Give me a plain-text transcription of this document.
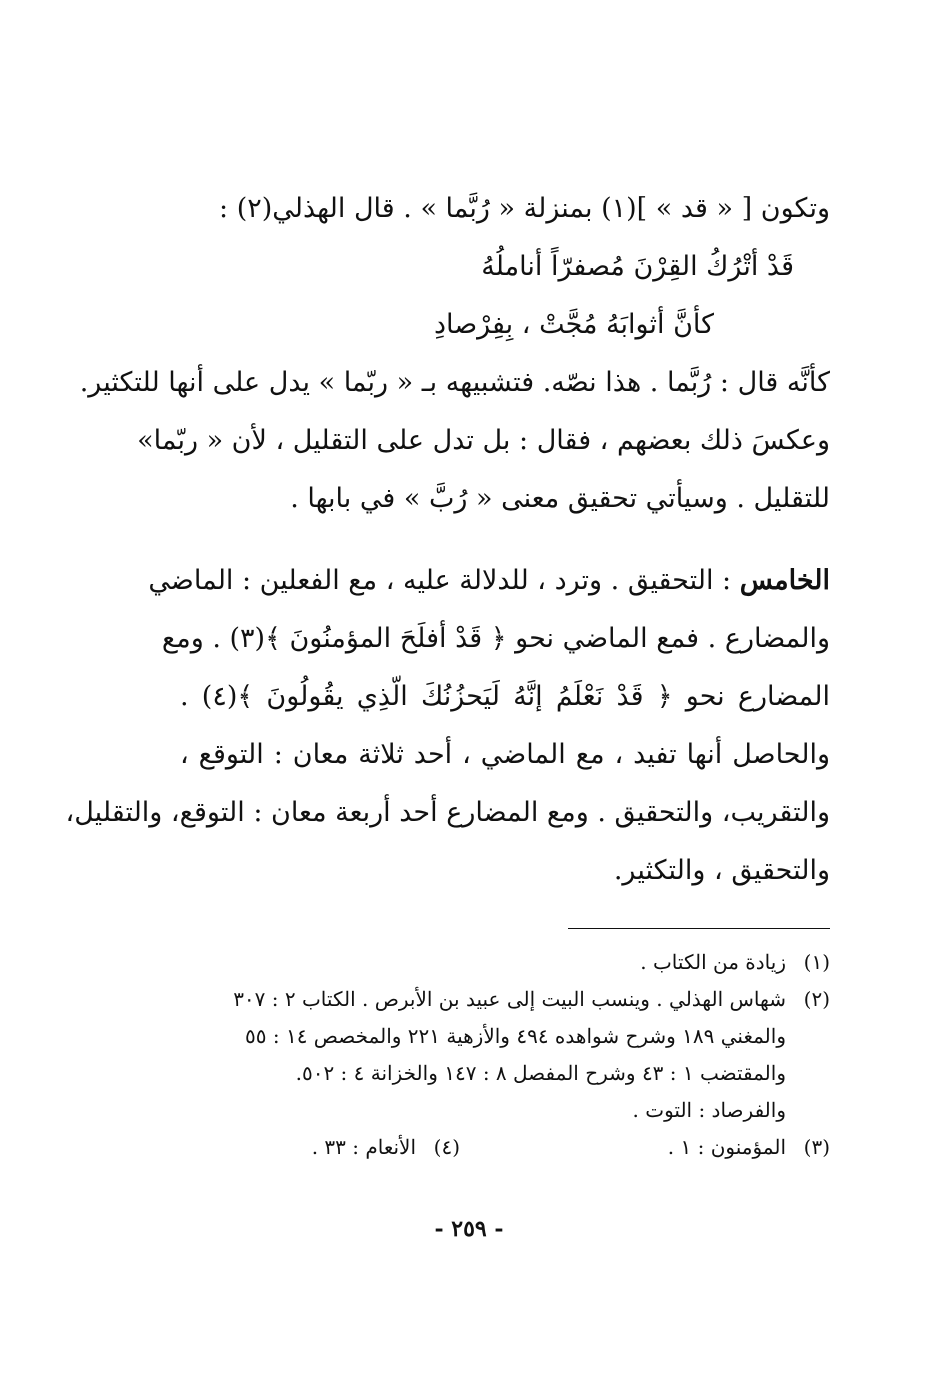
وتكون [ « قد » ](١) بمنزلة « رُبَّما » . قال الهذلي(٢) :
قَدْ أتْرُكُ القِرْنَ مُصفرّاً أناملُهُ
كأنَّ أثوابَهُ مُجَّتْ ، بِفِرْصادِ
كأنَّه قال : رُبَّما . هذا نصّه. فتشبيهه بـ « ربّما » يدل على أنها للتكثير.
وعكسَ ذلك بعضهم ، فقال : بل تدل على التقليل ، لأن « ربّما»
للتقليل . وسيأتي تحقيق معنى « رُبَّ » في بابها .
الخامس : التحقيق . وترد ، للدلالة عليه ، مع الفعلين : الماضي
والمضارع . فمع الماضي نحو ﴿ قَدْ أفلَحَ المؤمنُونَ ﴾(٣) . ومع
المضارع نحو ﴿ قَدْ نَعْلَمُ إنَّهُ لَيَحزُنُكَ الّذِي يقُولُونَ ﴾(٤) .
والحاصل أنها تفيد ، مع الماضي ، أحد ثلاثة معان : التوقع ،
والتقريب، والتحقيق . ومع المضارع أحد أربعة معان : التوقع، والتقليل،
والتحقيق ، والتكثير.
(١)زيادة من الكتاب .
(٢)شهاس الهذلي . وينسب البيت إلى عبيد بن الأبرص . الكتاب ٢ : ٣٠٧
والمغني ١٨٩ وشرح شواهده ٤٩٤ والأزهية ٢٢١ والمخصص ١٤ : ٥٥
والمقتضب ١ : ٤٣ وشرح المفصل ٨ : ١٤٧ والخزانة ٤ : ٥٠٢.
والفرصاد : التوت .
(٣)المؤمنون : ١ .
(٤)الأنعام : ٣٣ .
- ٢٥٩ -
